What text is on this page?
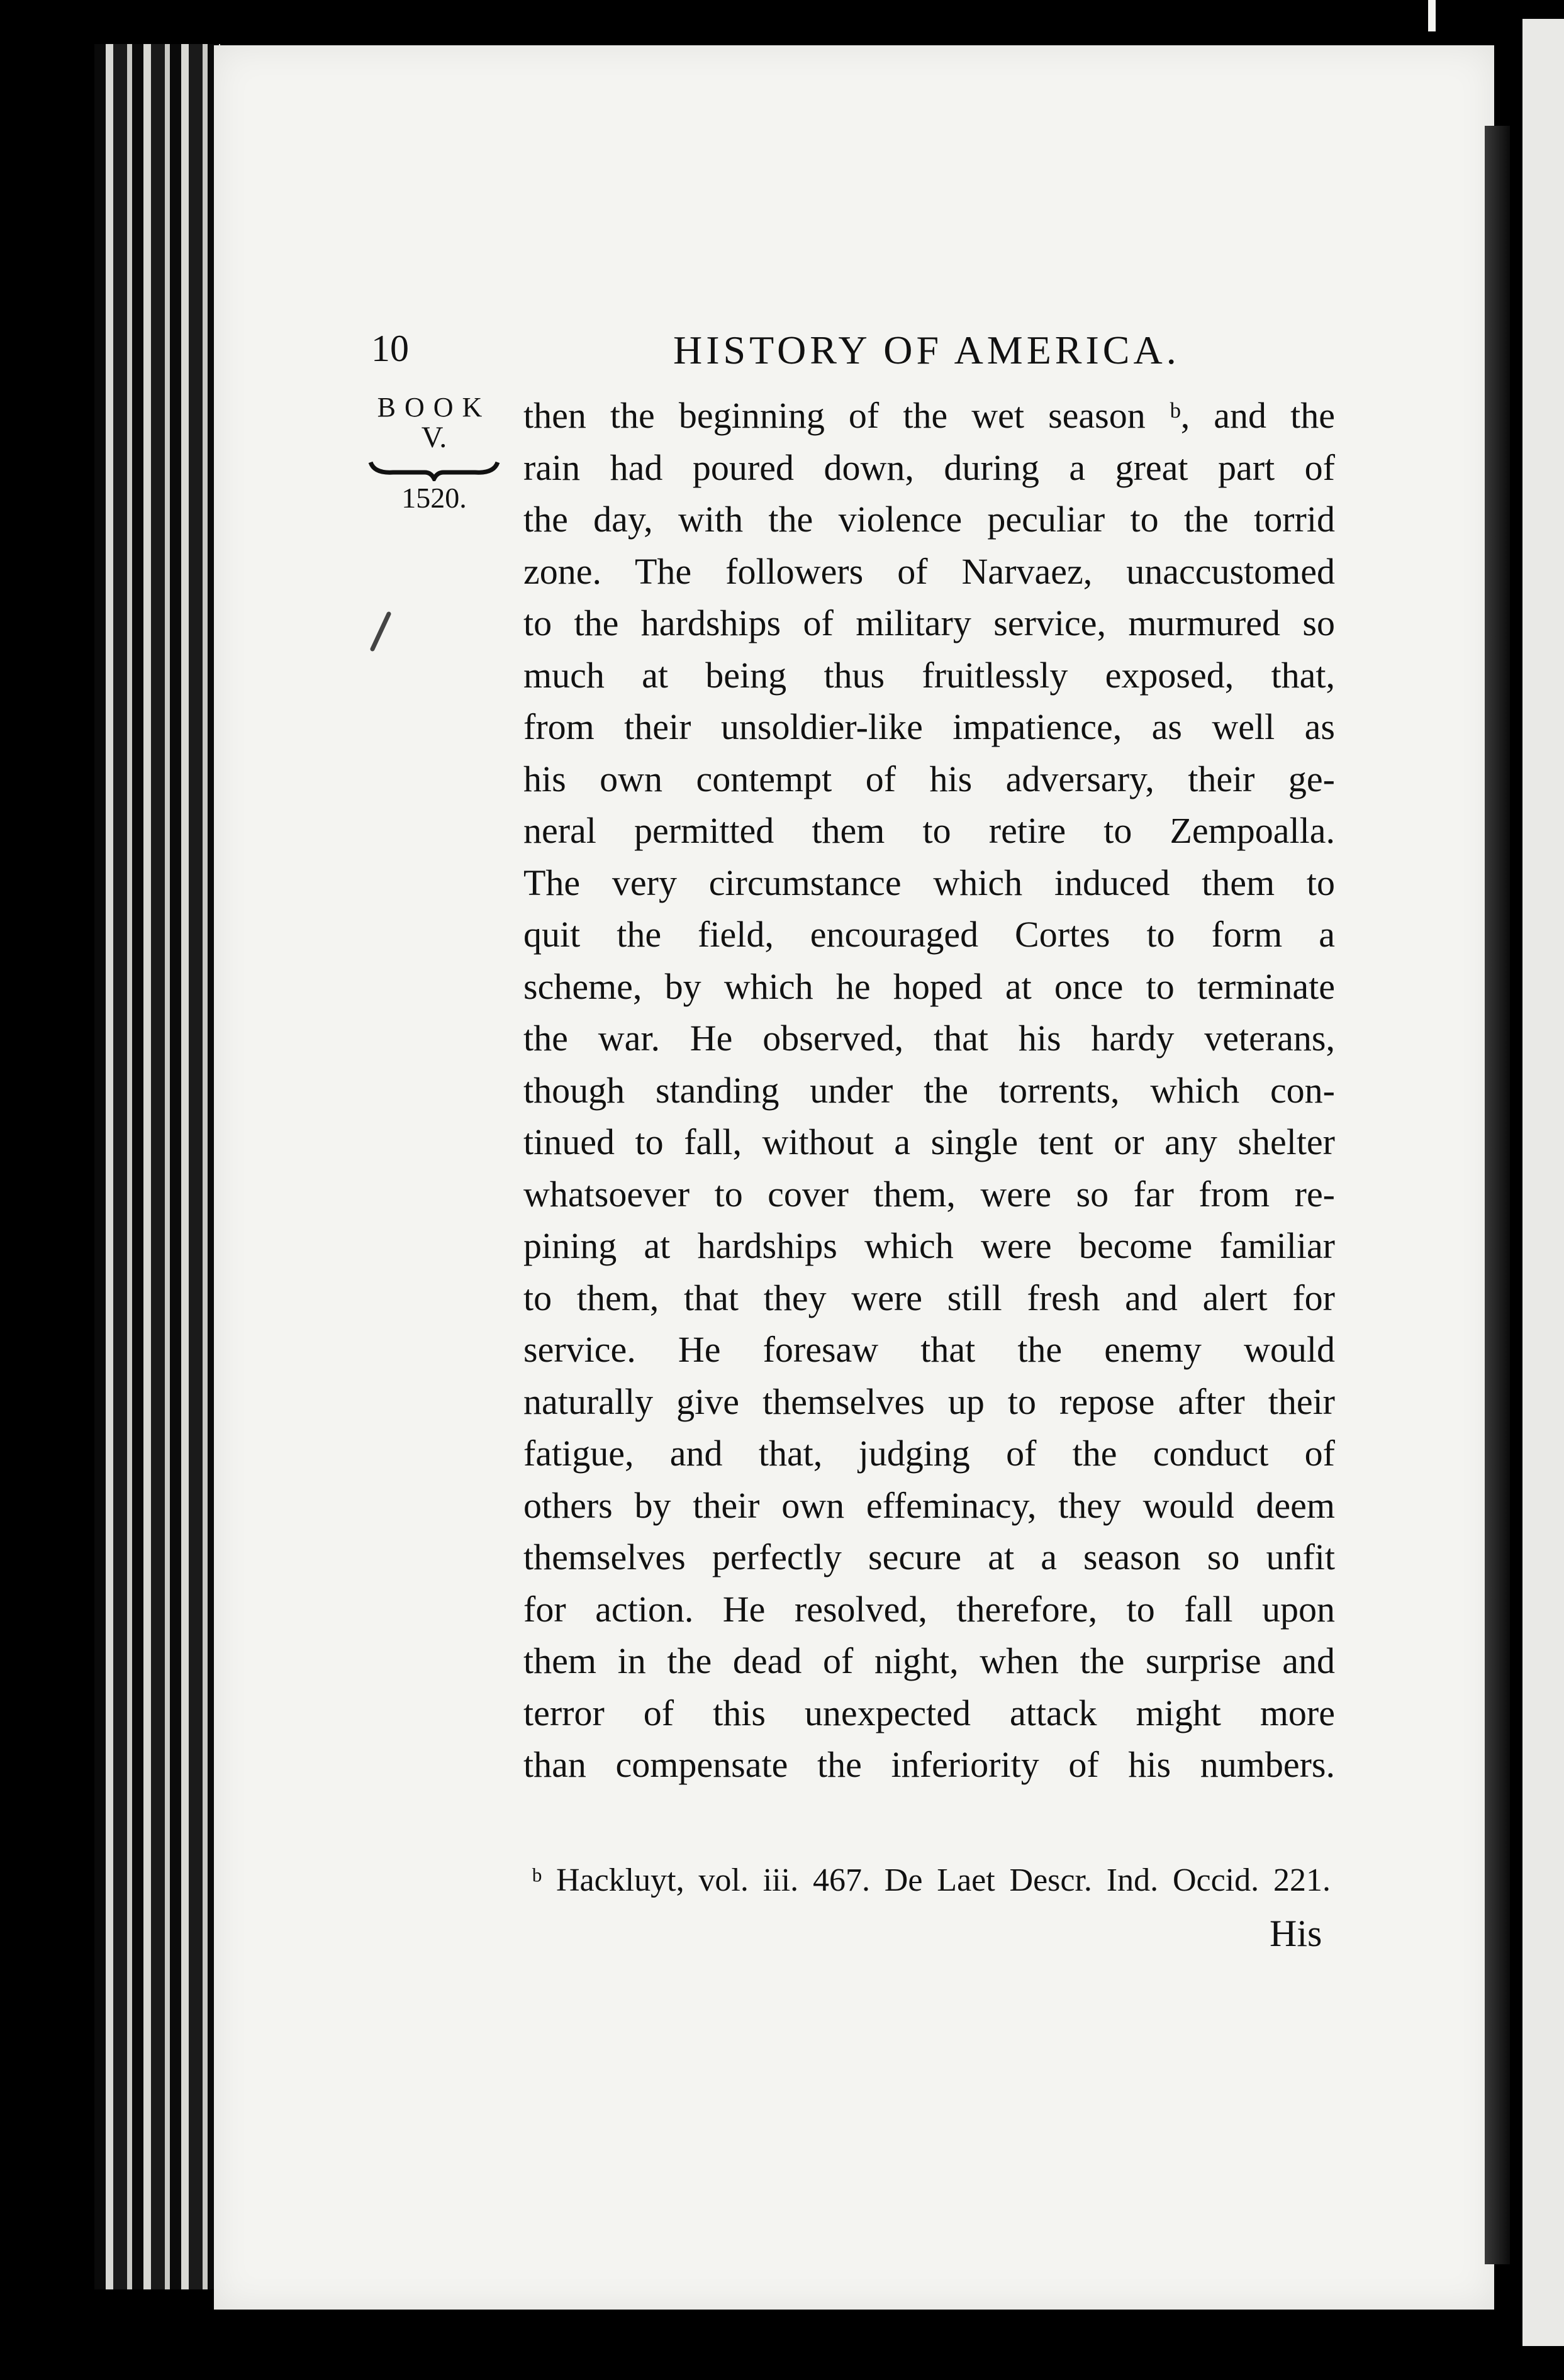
10	HISTORY OF AMERICA.
BOOK
V.
1520.
then the beginning of the wet season ᵇ, and the
rain had poured down, during a great part of
the day, with the violence peculiar to the torrid
zone. The followers of Narvaez, unaccustomed
to the hardships of military service, murmured so
much at being thus fruitlessly exposed, that,
from their unsoldier-like impatience, as well as
his own contempt of his adversary, their ge-
neral permitted them to retire to Zempoalla.
The very circumstance which induced them to
quit the field, encouraged Cortes to form a
scheme, by which he hoped at once to terminate
the war. He observed, that his hardy veterans,
though standing under the torrents, which con-
tinued to fall, without a single tent or any shelter
whatsoever to cover them, were so far from re-
pining at hardships which were become familiar
to them, that they were still fresh and alert for
service. He foresaw that the enemy would
naturally give themselves up to repose after their
fatigue, and that, judging of the conduct of
others by their own effeminacy, they would deem
themselves perfectly secure at a season so unfit
for action. He resolved, therefore, to fall upon
them in the dead of night, when the surprise and
terror of this unexpected attack might more
than compensate the inferiority of his numbers.
ᵇ Hackluyt, vol. iii. 467. De Laet Descr. Ind. Occid. 221.
His
